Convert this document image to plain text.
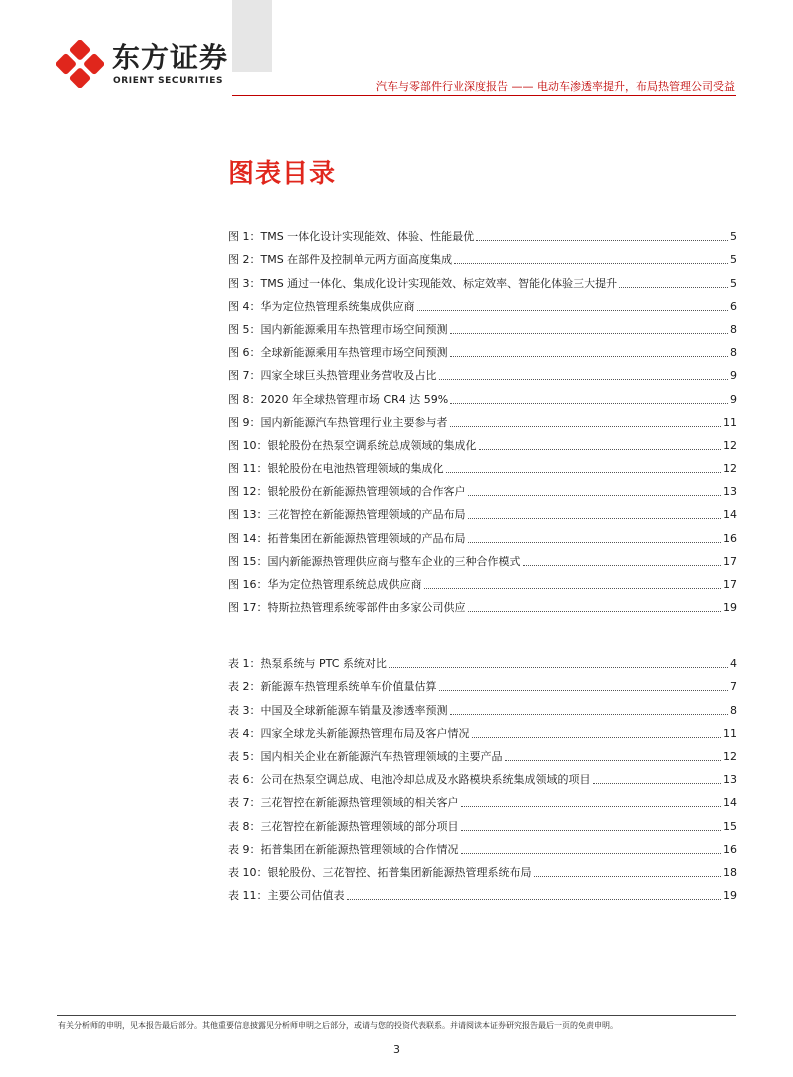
东方证券
ORIENT SECURITIES	汽车与零部件行业深度报告 —— 电动车渗透率提升，布局热管理公司受益
图表目录
图 1：TMS 一体化设计实现能效、体验、性能最优	5
图 2：TMS 在部件及控制单元两方面高度集成	5
图 3：TMS 通过一体化、集成化设计实现能效、标定效率、智能化体验三大提升	5
图 4：华为定位热管理系统集成供应商	6
图 5：国内新能源乘用车热管理市场空间预测	8
图 6：全球新能源乘用车热管理市场空间预测	8
图 7：四家全球巨头热管理业务营收及占比	9
图 8：2020 年全球热管理市场 CR4 达 59%	9
图 9：国内新能源汽车热管理行业主要参与者	11
图 10：银轮股份在热泵空调系统总成领域的集成化	12
图 11：银轮股份在电池热管理领域的集成化	12
图 12：银轮股份在新能源热管理领域的合作客户	13
图 13：三花智控在新能源热管理领域的产品布局	14
图 14：拓普集团在新能源热管理领域的产品布局	16
图 15：国内新能源热管理供应商与整车企业的三种合作模式	17
图 16：华为定位热管理系统总成供应商	17
图 17：特斯拉热管理系统零部件由多家公司供应	19
表 1：热泵系统与 PTC 系统对比	4
表 2：新能源车热管理系统单车价值量估算	7
表 3：中国及全球新能源车销量及渗透率预测	8
表 4：四家全球龙头新能源热管理布局及客户情况	11
表 5：国内相关企业在新能源汽车热管理领域的主要产品	12
表 6：公司在热泵空调总成、电池冷却总成及水路模块系统集成领域的项目	13
表 7：三花智控在新能源热管理领域的相关客户	14
表 8：三花智控在新能源热管理领域的部分项目	15
表 9：拓普集团在新能源热管理领域的合作情况	16
表 10：银轮股份、三花智控、拓普集团新能源热管理系统布局	18
表 11：主要公司估值表	19
有关分析师的申明，见本报告最后部分。其他重要信息披露见分析师申明之后部分，或请与您的投资代表联系。并请阅读本证券研究报告最后一页的免责申明。
3
